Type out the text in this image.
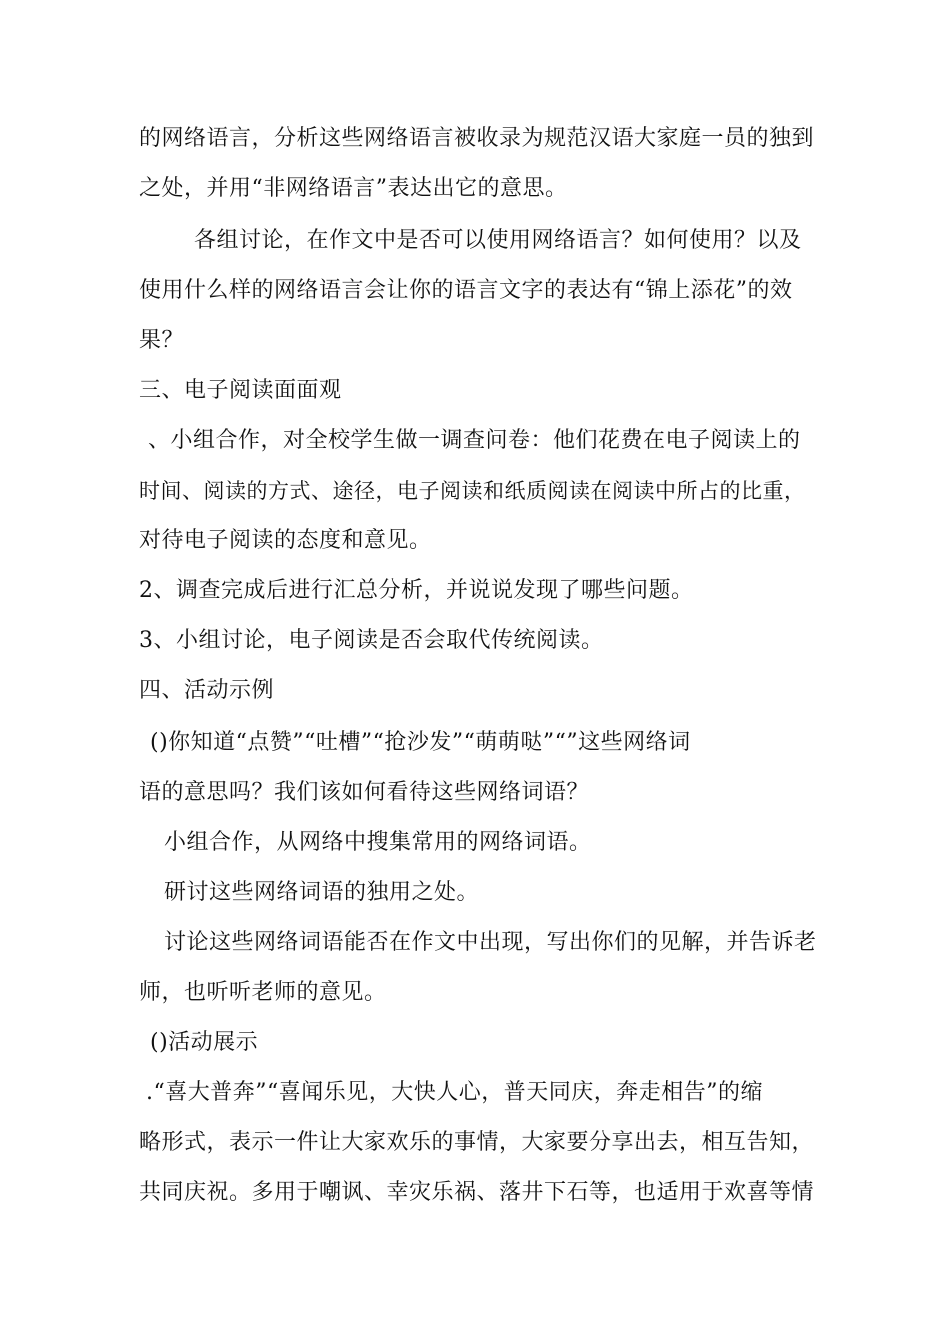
的网络语言，分析这些网络语言被收录为规范汉语大家庭一员的独到
之处，并用“非网络语言”表达出它的意思。
各组讨论，在作文中是否可以使用网络语言？如何使用？以及
使用什么样的网络语言会让你的语言文字的表达有“锦上添花”的效
果？
三、电子阅读面面观
、小组合作，对全校学生做一调查问卷：他们花费在电子阅读上的
时间、阅读的方式、途径，电子阅读和纸质阅读在阅读中所占的比重，
对待电子阅读的态度和意见。
2、调查完成后进行汇总分析，并说说发现了哪些问题。
3、小组讨论，电子阅读是否会取代传统阅读。
四、活动示例
()你知道“点赞”“吐槽”“抢沙发”“萌萌哒”“”这些网络词
语的意思吗？我们该如何看待这些网络词语？
小组合作，从网络中搜集常用的网络词语。
研讨这些网络词语的独用之处。
讨论这些网络词语能否在作文中出现，写出你们的见解，并告诉老
师，也听听老师的意见。
()活动展示
.“喜大普奔”“喜闻乐见，大快人心，普天同庆，奔走相告”的缩
略形式，表示一件让大家欢乐的事情，大家要分享出去，相互告知，
共同庆祝。多用于嘲讽、幸灾乐祸、落井下石等，也适用于欢喜等情
